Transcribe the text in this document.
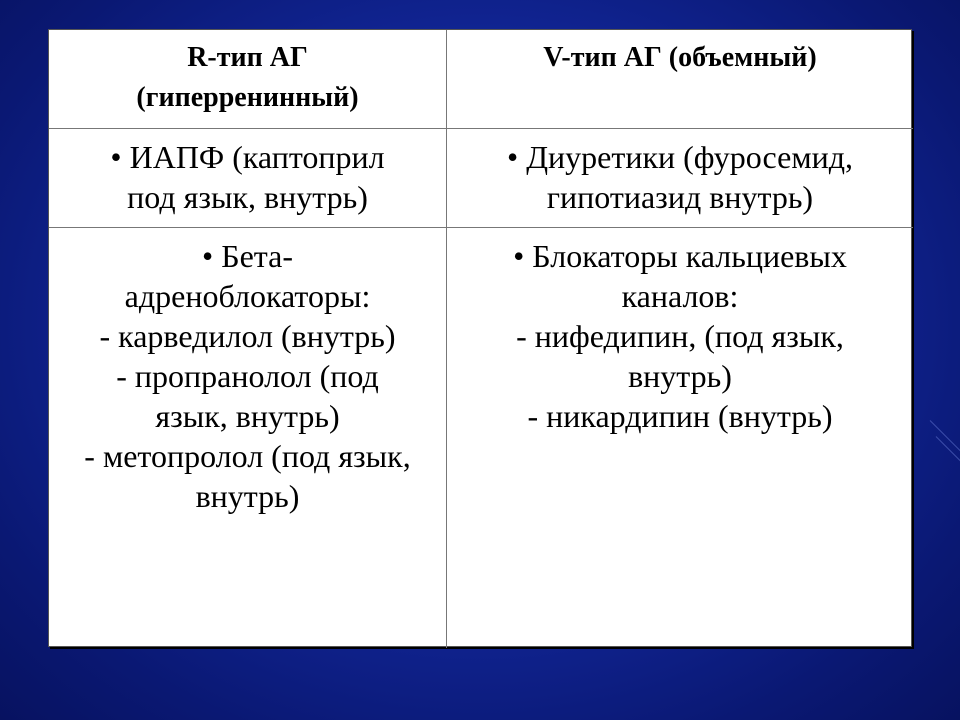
R-тип АГ
(гиперренинный)
V-тип АГ (объемный)
• ИАПФ (каптоприл
под язык, внутрь)
• Диуретики (фуросемид,
гипотиазид внутрь)
• Бета-
адреноблокаторы:
- карведилол (внутрь)
- пропранолол (под
язык, внутрь)
- метопролол (под язык,
внутрь)
• Блокаторы кальциевых
каналов:
- нифедипин, (под язык,
внутрь)
- никардипин (внутрь)
